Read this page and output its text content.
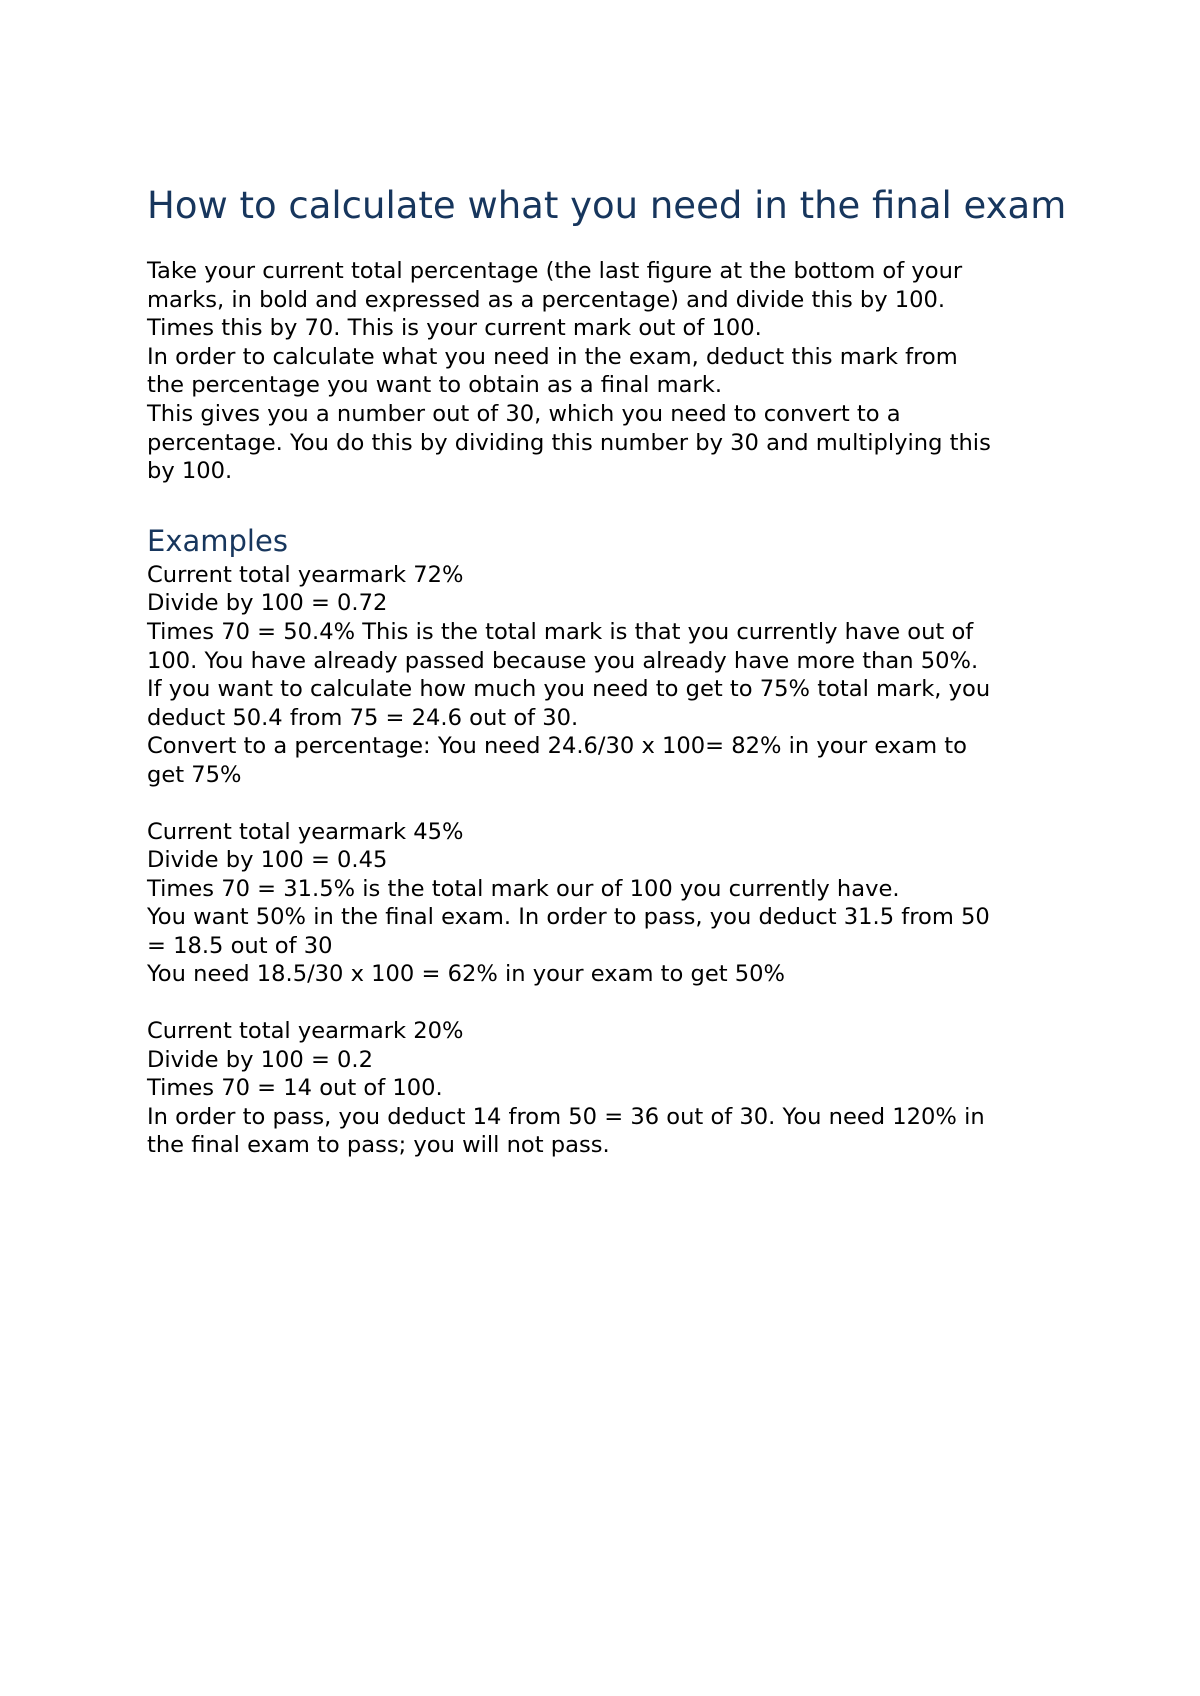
How to calculate what you need in the final exam
Take your current total percentage (the last figure at the bottom of your
marks, in bold and expressed as a percentage) and divide this by 100.
Times this by 70. This is your current mark out of 100.
In order to calculate what you need in the exam, deduct this mark from
the percentage you want to obtain as a final mark.
This gives you a number out of 30, which you need to convert to a
percentage. You do this by dividing this number by 30 and multiplying this
by 100.
Examples
Current total yearmark 72%
Divide by 100 = 0.72
Times 70 = 50.4% This is the total mark is that you currently have out of
100. You have already passed because you already have more than 50%.
If you want to calculate how much you need to get to 75% total mark, you
deduct 50.4 from 75 = 24.6 out of 30.
Convert to a percentage: You need 24.6/30 x 100= 82% in your exam to
get 75%
Current total yearmark 45%
Divide by 100 = 0.45
Times 70 = 31.5% is the total mark our of 100 you currently have.
You want 50% in the final exam. In order to pass, you deduct 31.5 from 50
= 18.5 out of 30
You need 18.5/30 x 100 = 62% in your exam to get 50%
Current total yearmark 20%
Divide by 100 = 0.2
Times 70 = 14 out of 100.
In order to pass, you deduct 14 from 50 = 36 out of 30. You need 120% in
the final exam to pass; you will not pass.
